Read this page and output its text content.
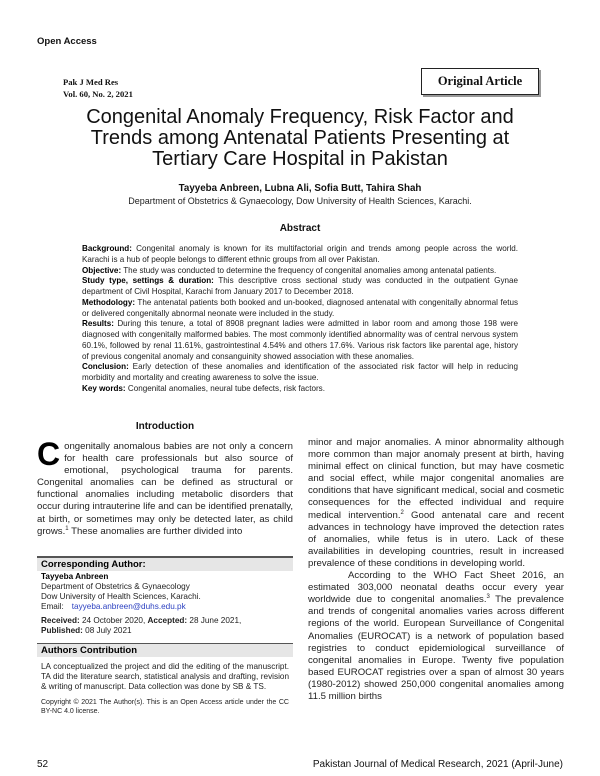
Open Access
Pak J Med Res
Vol. 60, No. 2, 2021
Original Article
Congenital Anomaly Frequency, Risk Factor and
Trends among Antenatal Patients Presenting at
Tertiary Care Hospital in Pakistan
Tayyeba Anbreen, Lubna Ali, Sofia Butt, Tahira Shah
Department of Obstetrics & Gynaecology, Dow University of Health Sciences, Karachi.
Abstract

Background: Congenital anomaly is known for its multifactorial origin and trends among people across the world. Karachi is a hub of people belongs to different ethnic groups from all over Pakistan.

Objective: The study was conducted to determine the frequency of congenital anomalies among antenatal patients.

Study type, settings & duration: This descriptive cross sectional study was conducted in the outpatient Gynae department of Civil Hospital, Karachi from January 2017 to December 2018.

Methodology: The antenatal patients both booked and un-booked, diagnosed antenatal with congenitally abnormal fetus or delivered congenitally abnormal neonate were included in the study.

Results: During this tenure, a total of 8908 pregnant ladies were admitted in labor room and among those 198 were diagnosed with congenitally malformed babies. The most commonly identified abnormality was of central nervous system 60.1%, followed by renal 11.61%, gastrointestinal 4.54% and others 17.6%. Various risk factors like parental age, history of previous congenital anomaly and consanguinity showed association with these anomalies.

Conclusion: Early detection of these anomalies and identification of the associated risk factor will help in reducing morbidity and mortality and creating awareness to solve the issue.

Key words: Congenital anomalies, neural tube defects, risk factors.

Introduction

Congenitally anomalous babies are not only a concern for health care professionals but also source of emotional, psychological trauma for parents. Congenital anomalies can be defined as structural or functional anomalies including metabolic disorders that occur during intrauterine life and can be identified prenatally, at birth, or sometimes may only be detected later, as child grows.$^1$ These anomalies are further divided into

minor and major anomalies. A minor abnormality although more common than major anomaly present at birth, having minimal effect on clinical function, but may have cosmetic and social effect, while major congenital anomalies are conditions that have significant medical, social and cosmetic consequences for the effected individual and require medical intervention.$^2$ Good antenatal care and recent advances in technology have improved the detection rates of anomalies, while fetus is in utero. Lack of these availabilities in developing countries, result in increased prevalence of these conditions in developing world.

According to the WHO Fact Sheet 2016, an estimated 303,000 neonatal deaths occur every year worldwide due to congenital anomalies.$^3$ The prevalence and trends of congenital anomalies varies across different regions of the world. European Surveillance of Congenital Anomalies (EUROCAT) is a network of population based registries to conduct epidemiological surveillance of congenital anomalies in Europe. Twenty five population based EUROCAT registries over a span of almost 30 years (1980-2012) showed 250,000 congenital anomalies among 11.5 million births

Corresponding Author:
Tayyeba Anbreen
Department of Obstetrics & Gynaecology
Dow University of Health Sciences, Karachi.
Email: tayyeba.anbreen@duhs.edu.pk
Received: 24 October 2020, Accepted: 28 June 2021,
Published: 08 July 2021
Authors Contribution
LA conceptualized the project and did the editing of the manuscript. TA did the literature search, statistical analysis and drafting, revision & writing of manuscript. Data collection was done by SB & TS.
Copyright © 2021 The Author(s). This is an Open Access article under the CC BY-NC 4.0 license.
52	Pakistan Journal of Medical Research, 2021 (April-June)
